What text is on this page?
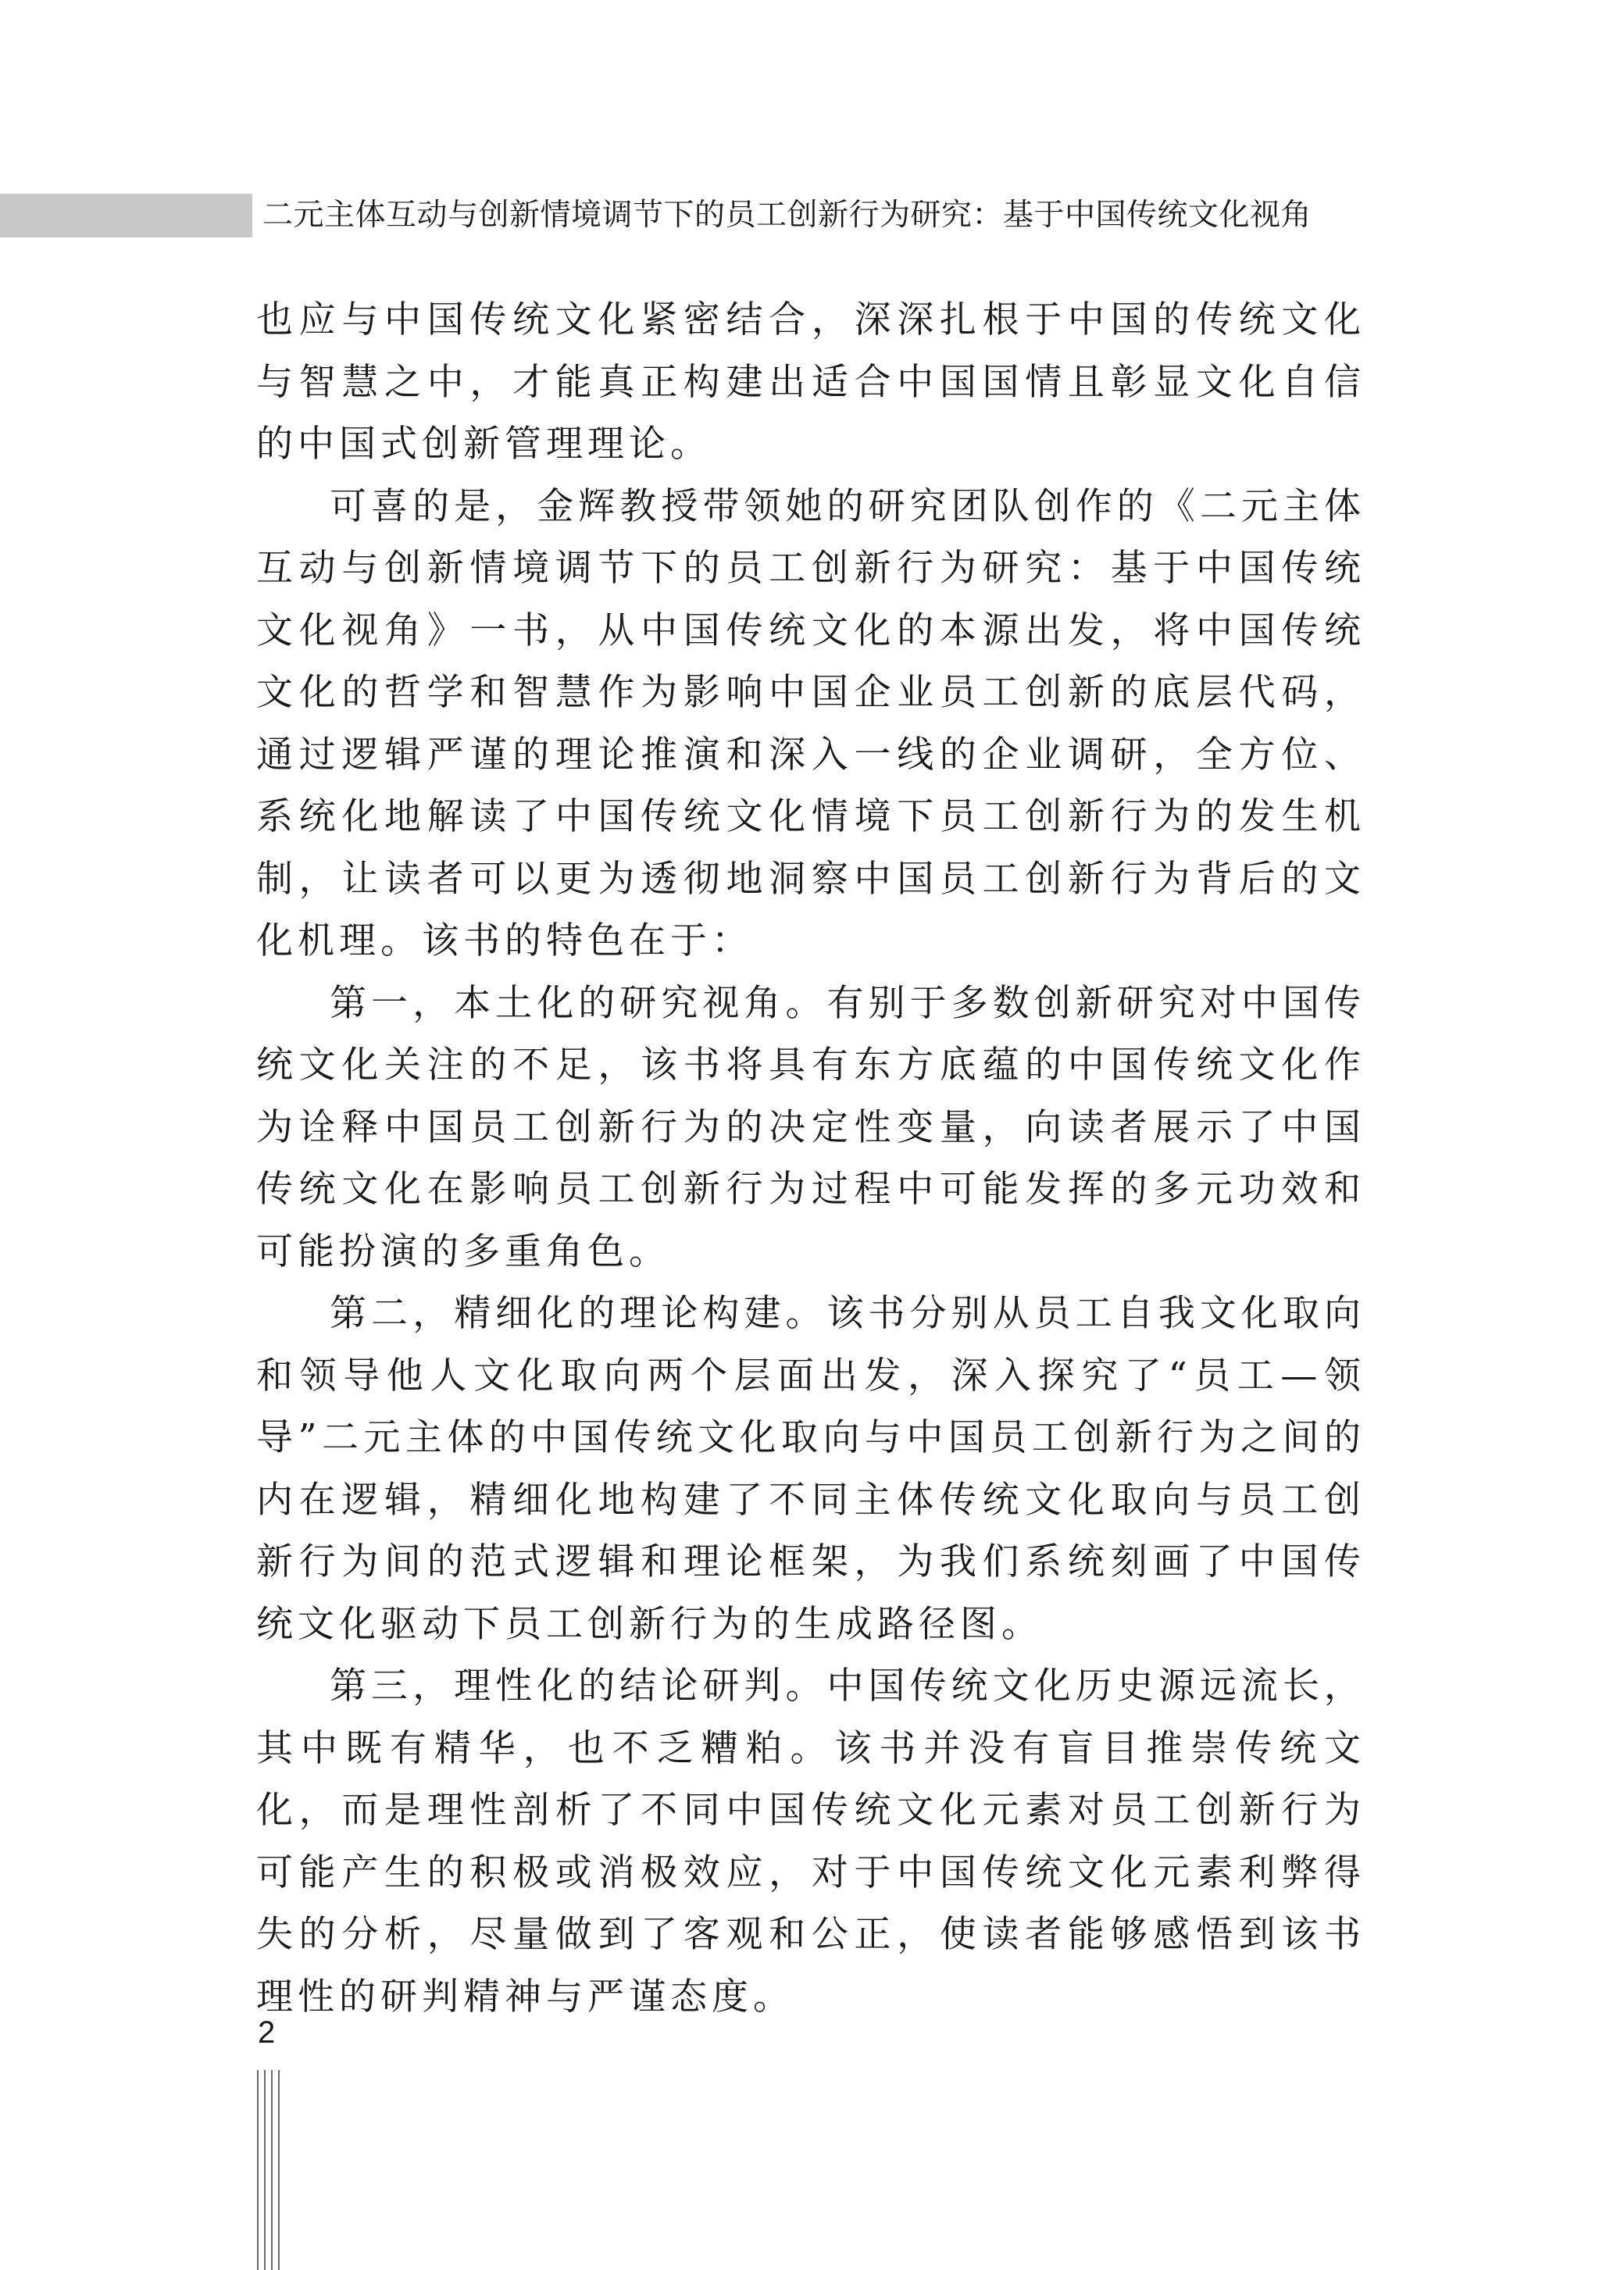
二元主体互动与创新情境调节下的员工创新行为研究：基于中国传统文化视角

也应与中国传统文化紧密结合，深深扎根于中国的传统文化与智慧之中，才能真正构建出适合中国国情且彰显文化自信的中国式创新管理理论。

可喜的是，金辉教授带领她的研究团队创作的《二元主体互动与创新情境调节下的员工创新行为研究：基于中国传统文化视角》一书，从中国传统文化的本源出发，将中国传统文化的哲学和智慧作为影响中国企业员工创新的底层代码，通过逻辑严谨的理论推演和深入一线的企业调研，全方位、系统化地解读了中国传统文化情境下员工创新行为的发生机制，让读者可以更为透彻地洞察中国员工创新行为背后的文化机理。该书的特色在于：

第一，本土化的研究视角。有别于多数创新研究对中国传统文化关注的不足，该书将具有东方底蕴的中国传统文化作为诠释中国员工创新行为的决定性变量，向读者展示了中国传统文化在影响员工创新行为过程中可能发挥的多元功效和可能扮演的多重角色。

第二，精细化的理论构建。该书分别从员工自我文化取向和领导他人文化取向两个层面出发，深入探究了“员工—领导”二元主体的中国传统文化取向与中国员工创新行为之间的内在逻辑，精细化地构建了不同主体传统文化取向与员工创新行为间的范式逻辑和理论框架，为我们系统刻画了中国传统文化驱动下员工创新行为的生成路径图。

第三，理性化的结论研判。中国传统文化历史源远流长，其中既有精华，也不乏糟粕。该书并没有盲目推崇传统文化，而是理性剖析了不同中国传统文化元素对员工创新行为可能产生的积极或消极效应，对于中国传统文化元素利弊得失的分析，尽量做到了客观和公正，使读者能够感悟到该书理性的研判精神与严谨态度。

2
